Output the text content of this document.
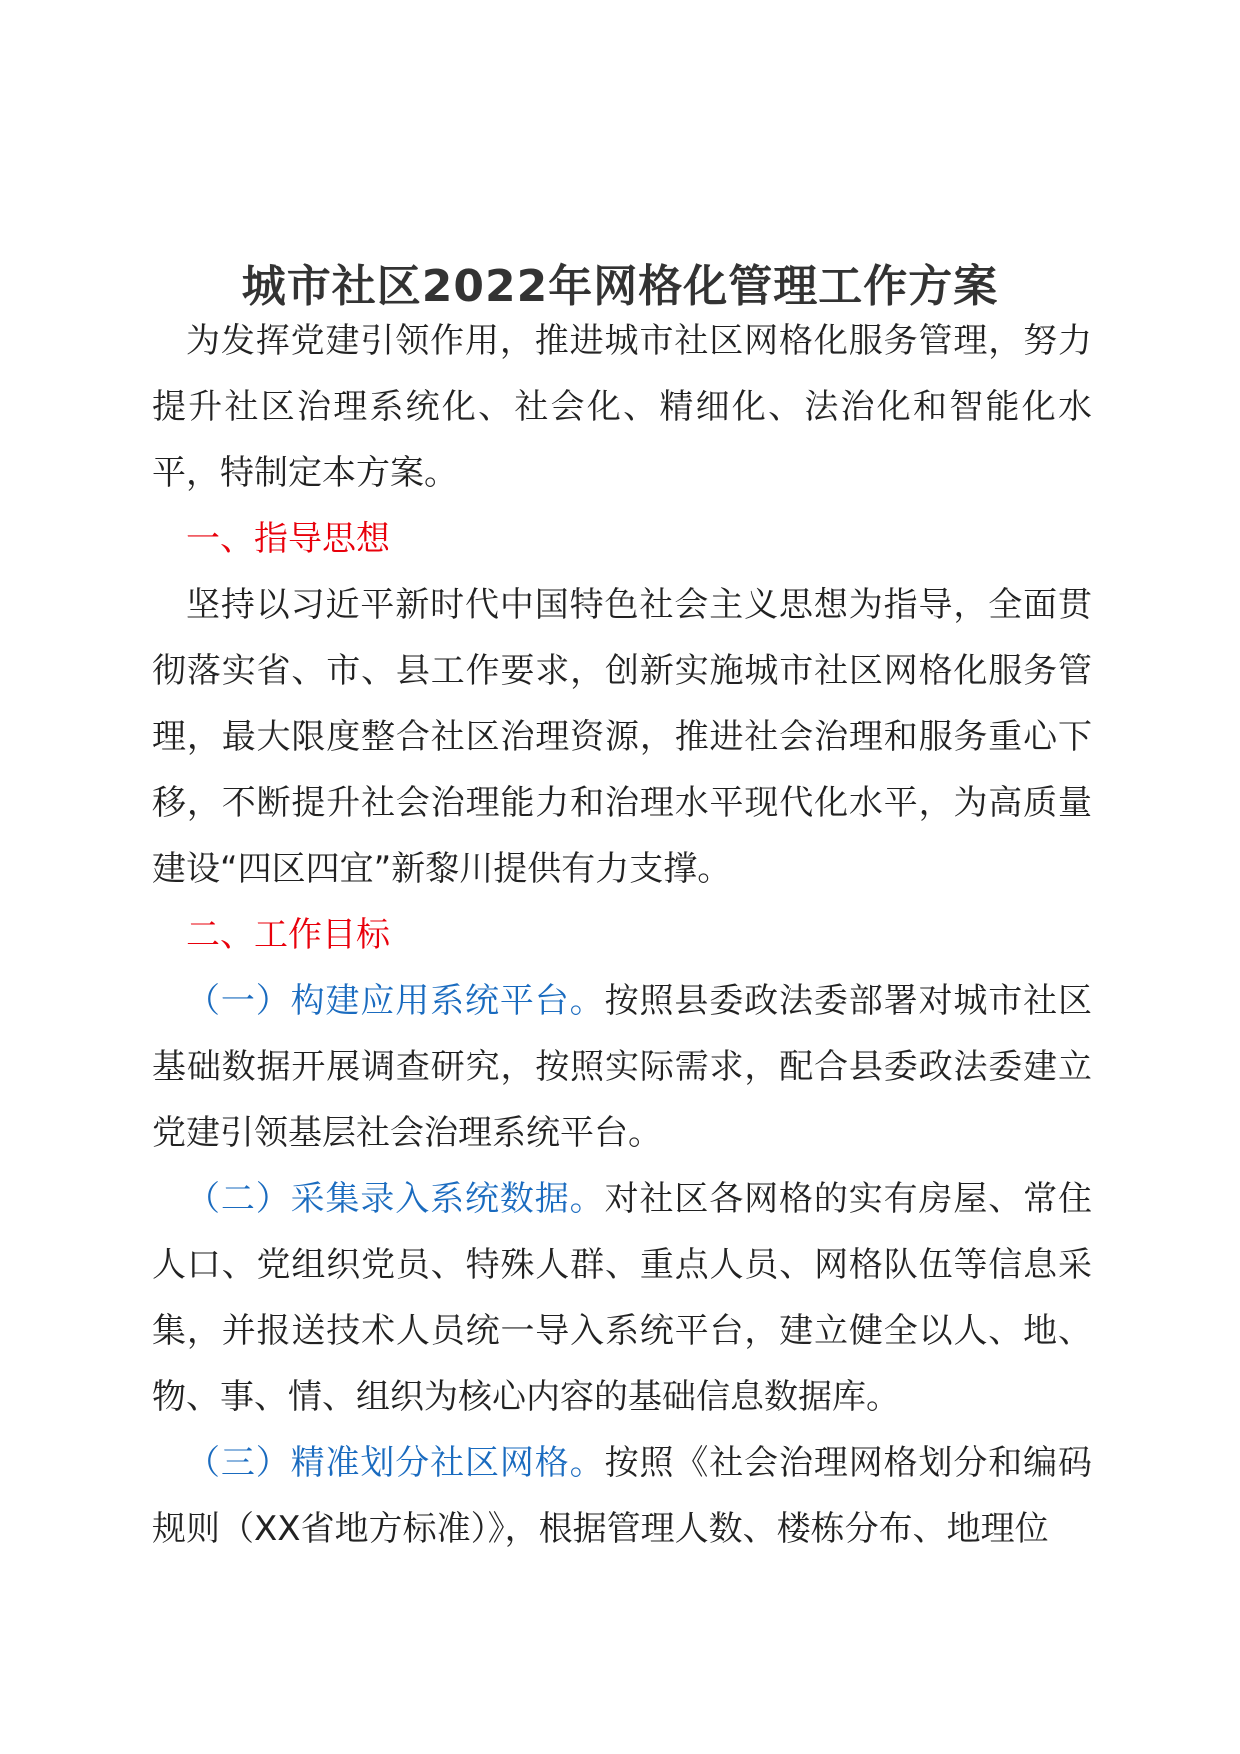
城市社区2022年网格化管理工作方案

为发挥党建引领作用，推进城市社区网格化服务管理，努力提升社区治理系统化、社会化、精细化、法治化和智能化水平，特制定本方案。

一、指导思想

坚持以习近平新时代中国特色社会主义思想为指导，全面贯彻落实省、市、县工作要求，创新实施城市社区网格化服务管理，最大限度整合社区治理资源，推进社会治理和服务重心下移，不断提升社会治理能力和治理水平现代化水平，为高质量建设“四区四宜”新黎川提供有力支撑。

二、工作目标

（一）构建应用系统平台。按照县委政法委部署对城市社区基础数据开展调查研究，按照实际需求，配合县委政法委建立党建引领基层社会治理系统平台。

（二）采集录入系统数据。对社区各网格的实有房屋、常住人口、党组织党员、特殊人群、重点人员、网格队伍等信息采集，并报送技术人员统一导入系统平台，建立健全以人、地、物、事、情、组织为核心内容的基础信息数据库。

（三）精准划分社区网格。按照《社会治理网格划分和编码规则（XX省地方标准）》，根据管理人数、楼栋分布、地理位
